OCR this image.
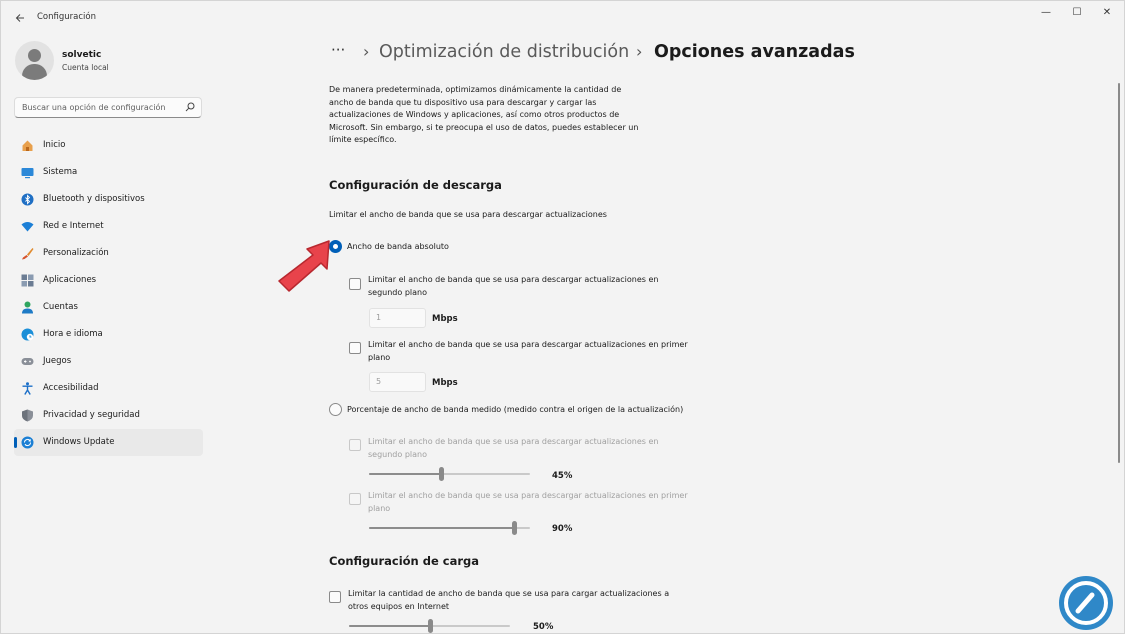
Configuración	—	☐	✕
solvetic
Cuenta local
Buscar una opción de configuración
Inicio
Sistema
Bluetooth y dispositivos
Red e Internet
Personalización
Aplicaciones
Cuentas
Hora e idioma
Juegos
Accesibilidad
Privacidad y seguridad
Windows Update
··· › Optimización de distribución › Opciones avanzadas
De manera predeterminada, optimizamos dinámicamente la cantidad de ancho de banda que tu dispositivo usa para descargar y cargar las actualizaciones de Windows y aplicaciones, así como otros productos de Microsoft. Sin embargo, si te preocupa el uso de datos, puedes establecer un límite específico.
Configuración de descarga
Limitar el ancho de banda que se usa para descargar actualizaciones
Ancho de banda absoluto
Limitar el ancho de banda que se usa para descargar actualizaciones en segundo plano
1	Mbps
Limitar el ancho de banda que se usa para descargar actualizaciones en primer plano
5	Mbps
Porcentaje de ancho de banda medido (medido contra el origen de la actualización)
Limitar el ancho de banda que se usa para descargar actualizaciones en segundo plano
45%
Limitar el ancho de banda que se usa para descargar actualizaciones en primer plano
90%
Configuración de carga
Limitar la cantidad de ancho de banda que se usa para cargar actualizaciones a otros equipos en Internet
50%
